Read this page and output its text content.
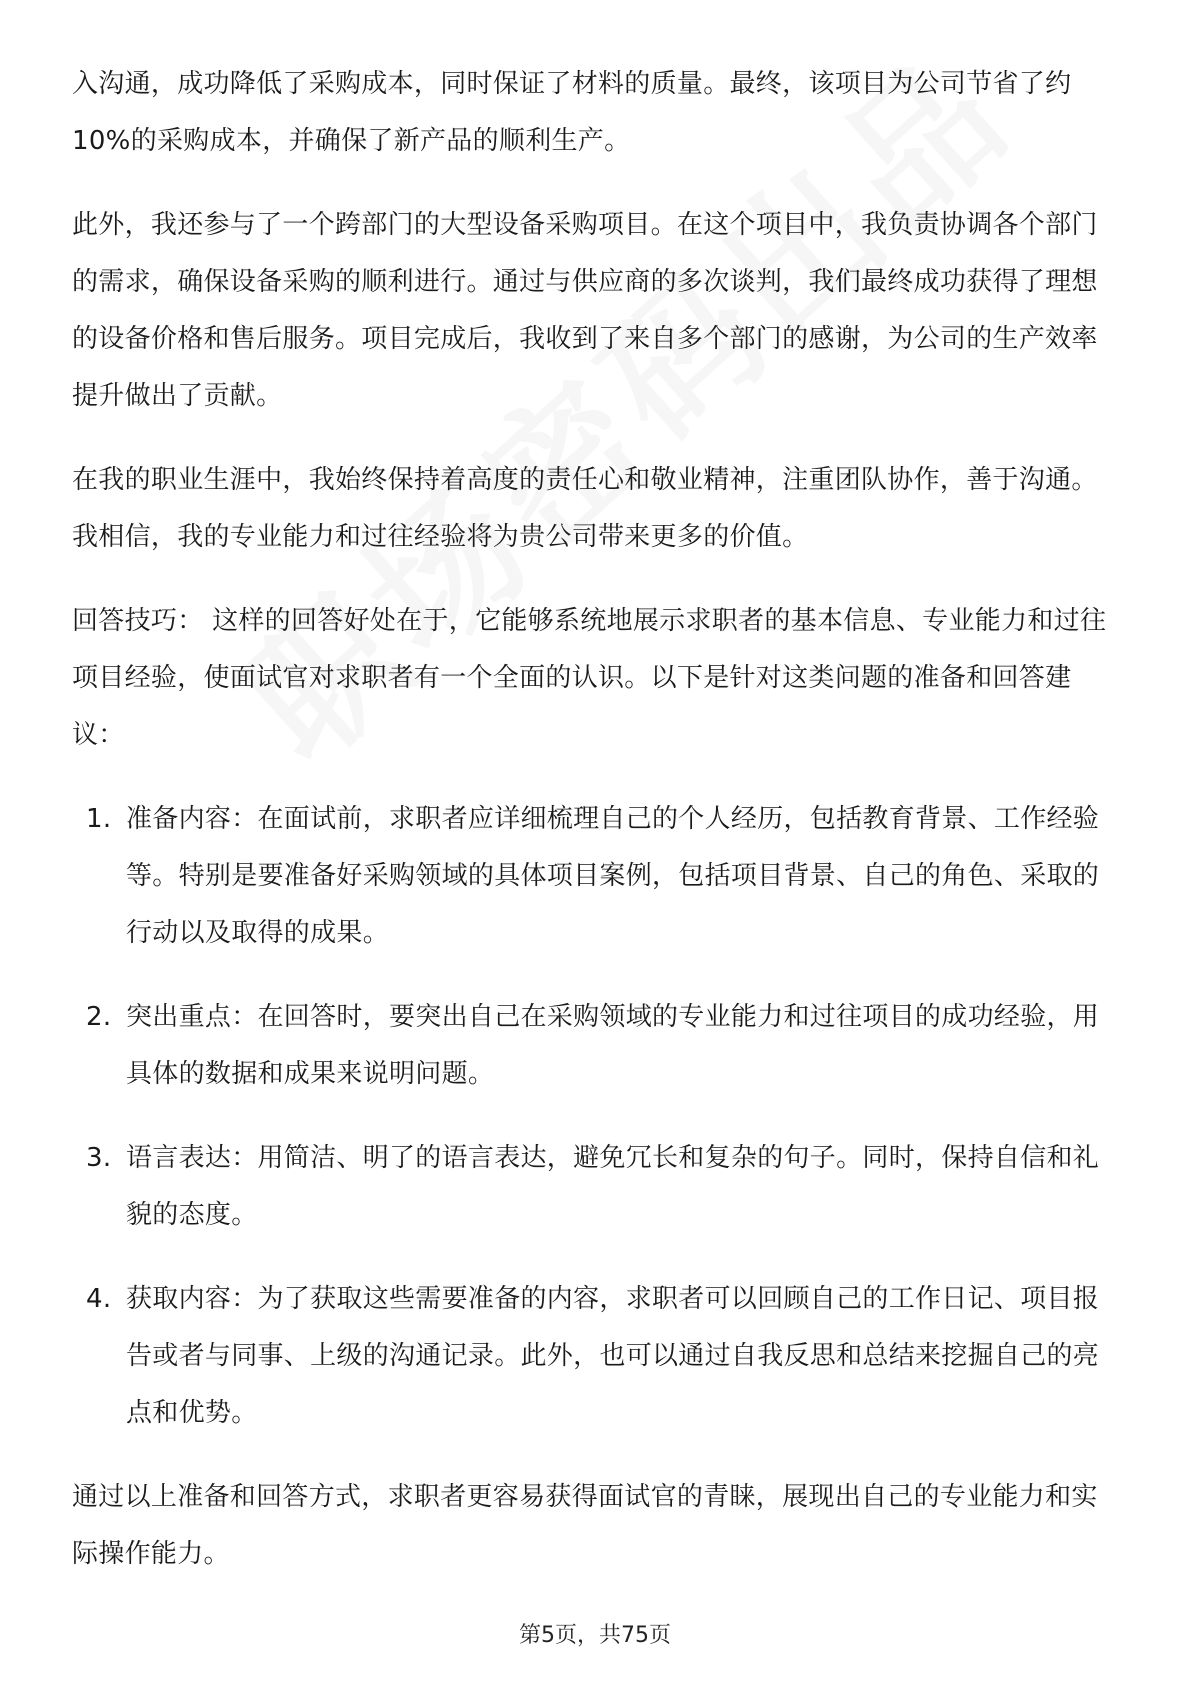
入沟通，成功降低了采购成本，同时保证了材料的质量。最终，该项目为公司节省了约10%的采购成本，并确保了新产品的顺利生产。

此外，我还参与了一个跨部门的大型设备采购项目。在这个项目中，我负责协调各个部门的需求，确保设备采购的顺利进行。通过与供应商的多次谈判，我们最终成功获得了理想的设备价格和售后服务。项目完成后，我收到了来自多个部门的感谢，为公司的生产效率提升做出了贡献。

在我的职业生涯中，我始终保持着高度的责任心和敬业精神，注重团队协作，善于沟通。我相信，我的专业能力和过往经验将为贵公司带来更多的价值。

回答技巧： 这样的回答好处在于，它能够系统地展示求职者的基本信息、专业能力和过往项目经验，使面试官对求职者有一个全面的认识。以下是针对这类问题的准备和回答建议：

1. 准备内容：在面试前，求职者应详细梳理自己的个人经历，包括教育背景、工作经验等。特别是要准备好采购领域的具体项目案例，包括项目背景、自己的角色、采取的行动以及取得的成果。
2. 突出重点：在回答时，要突出自己在采购领域的专业能力和过往项目的成功经验，用具体的数据和成果来说明问题。
3. 语言表达：用简洁、明了的语言表达，避免冗长和复杂的句子。同时，保持自信和礼貌的态度。
4. 获取内容：为了获取这些需要准备的内容，求职者可以回顾自己的工作日记、项目报告或者与同事、上级的沟通记录。此外，也可以通过自我反思和总结来挖掘自己的亮点和优势。

通过以上准备和回答方式，求职者更容易获得面试官的青睐，展现出自己的专业能力和实际操作能力。

第5页，共75页
